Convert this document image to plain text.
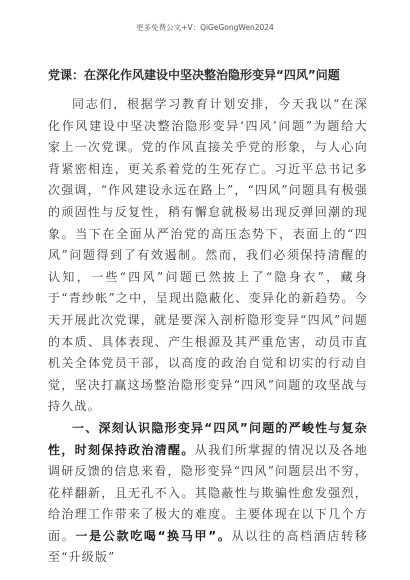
更多免费公文+V：QiGeGongWen2024
党课：在深化作风建设中坚决整治隐形变异“四风”问题

同志们，根据学习教育计划安排，今天我以“在深化作风建设中坚决整治隐形变异‘四风’问题”为题给大家上一次党课。党的作风直接关乎党的形象，与人心向背紧密相连，更关系着党的生死存亡。习近平总书记多次强调，“作风建设永远在路上”，“四风”问题具有极强的顽固性与反复性，稍有懈怠就极易出现反弹回潮的现象。当下在全面从严治党的高压态势下，表面上的“四风”问题得到了有效遏制。然而，我们必须保持清醒的认知，一些“四风”问题已然披上了“隐身衣”，藏身于“青纱帐”之中，呈现出隐蔽化、变异化的新趋势。今天开展此次党课，就是要深入剖析隐形变异“四风”问题的本质、具体表现、产生根源及其严重危害，动员市直机关全体党员干部，以高度的政治自觉和切实的行动自觉，坚决打赢这场整治隐形变异“四风”问题的攻坚战与持久战。

一、深刻认识隐形变异“四风”问题的严峻性与复杂性，时刻保持政治清醒。从我们所掌握的情况以及各地调研反馈的信息来看，隐形变异“四风”问题层出不穷，花样翻新，且无孔不入。其隐蔽性与欺骗性愈发强烈，给治理工作带来了极大的难度。主要体现在以下几个方面。一是公款吃喝“换马甲”。从以往的高档酒店转移至“升级版”
